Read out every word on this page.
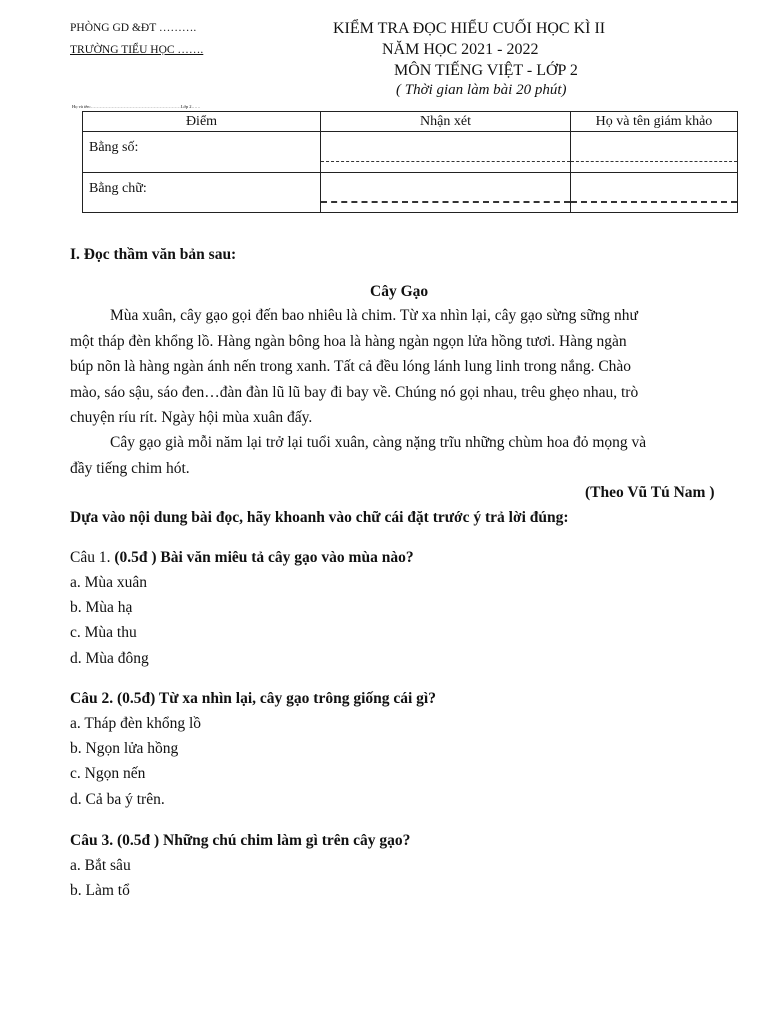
PHÒNG GD &ĐT ……….
TRƯỜNG TIỂU HỌC …….
KIỂM TRA ĐỌC HIỂU CUỐI HỌC KÌ II
NĂM HỌC 2021 - 2022
MÔN TIẾNG VIỆT - LỚP 2
( Thời gian làm bài 20 phút)
Họ và tên:……………………………………………………Lớp 2……
Điểm	Nhận xét	Họ và tên giám khảo
Bằng số:	

Bằng chữ:	

I. Đọc thầm văn bản sau:
Cây Gạo
Mùa xuân, cây gạo gọi đến bao nhiêu là chim. Từ xa nhìn lại, cây gạo sừng sững như
một tháp đèn khổng lồ. Hàng ngàn bông hoa là hàng ngàn ngọn lửa hồng tươi. Hàng ngàn
búp nõn là hàng ngàn ánh nến trong xanh. Tất cả đều lóng lánh lung linh trong nắng. Chào
mào, sáo sậu, sáo đen…đàn đàn lũ lũ bay đi bay về. Chúng nó gọi nhau, trêu ghẹo nhau, trò
chuyện ríu rít. Ngày hội mùa xuân đấy.
Cây gạo già mỗi năm lại trở lại tuổi xuân, càng nặng trĩu những chùm hoa đỏ mọng và
đầy tiếng chim hót.
(Theo Vũ Tú Nam )
Dựa vào nội dung bài đọc, hãy khoanh vào chữ cái đặt trước ý trả lời đúng:
Câu 1. (0.5đ ) Bài văn miêu tả cây gạo vào mùa nào?
a. Mùa xuân
b. Mùa hạ
c. Mùa thu
d. Mùa đông
Câu 2. (0.5đ) Từ xa nhìn lại, cây gạo trông giống cái gì?
a. Tháp đèn khổng lồ
b. Ngọn lửa hồng
c. Ngọn nến
d. Cả ba ý trên.
Câu 3. (0.5đ ) Những chú chim làm gì trên cây gạo?
a. Bắt sâu
b. Làm tổ
